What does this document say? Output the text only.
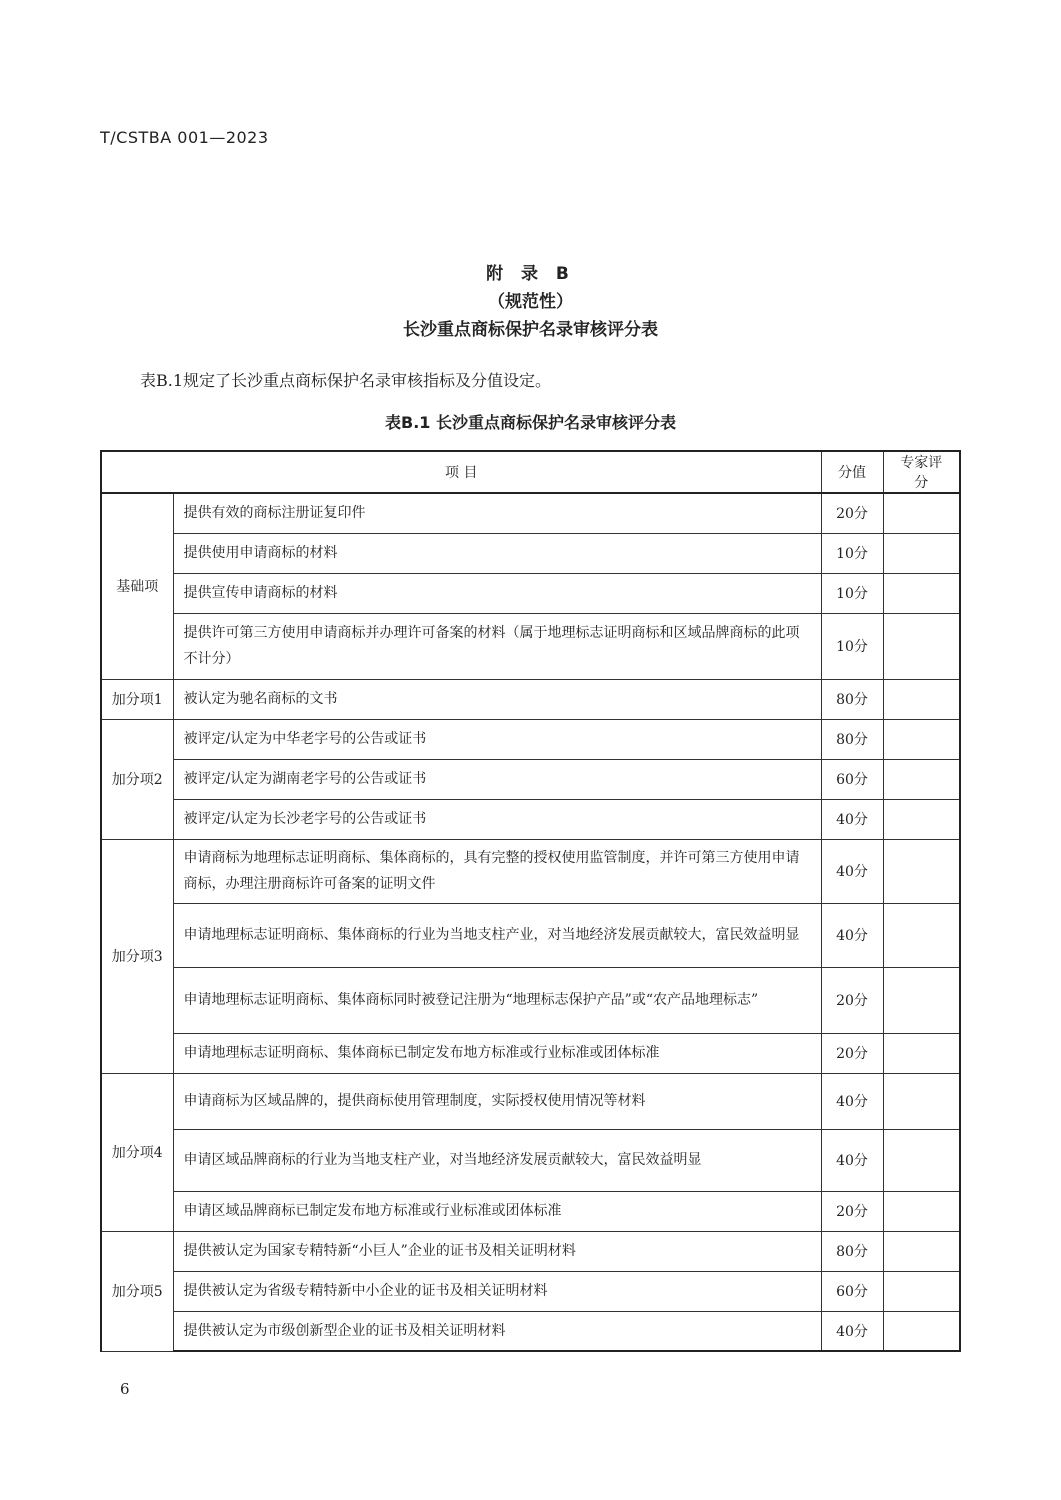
T/CSTBA 001—2023
附 录 B
（规范性）
长沙重点商标保护名录审核评分表
表B.1规定了长沙重点商标保护名录审核指标及分值设定。
表B.1 长沙重点商标保护名录审核评分表
项 目		分值	专家评分
基础项	提供有效的商标注册证复印件	20分	
	提供使用申请商标的材料	10分	
	提供宣传申请商标的材料	10分	
	提供许可第三方使用申请商标并办理许可备案的材料（属于地理标志证明商标和区域品牌商标的此项不计分）	10分	
加分项1	被认定为驰名商标的文书	80分	
加分项2	被评定/认定为中华老字号的公告或证书	80分	
	被评定/认定为湖南老字号的公告或证书	60分	
	被评定/认定为长沙老字号的公告或证书	40分	
加分项3	申请商标为地理标志证明商标、集体商标的，具有完整的授权使用监管制度，并许可第三方使用申请商标，办理注册商标许可备案的证明文件	40分	
	申请地理标志证明商标、集体商标的行业为当地支柱产业，对当地经济发展贡献较大，富民效益明显	40分	
	申请地理标志证明商标、集体商标同时被登记注册为“地理标志保护产品”或“农产品地理标志”	20分	
	申请地理标志证明商标、集体商标已制定发布地方标准或行业标准或团体标准	20分	
加分项4	申请商标为区域品牌的，提供商标使用管理制度，实际授权使用情况等材料	40分	
	申请区域品牌商标的行业为当地支柱产业，对当地经济发展贡献较大，富民效益明显	40分	
	申请区域品牌商标已制定发布地方标准或行业标准或团体标准	20分	
加分项5	提供被认定为国家专精特新“小巨人”企业的证书及相关证明材料	80分	
	提供被认定为省级专精特新中小企业的证书及相关证明材料	60分	
	提供被认定为市级创新型企业的证书及相关证明材料	40分	
6
